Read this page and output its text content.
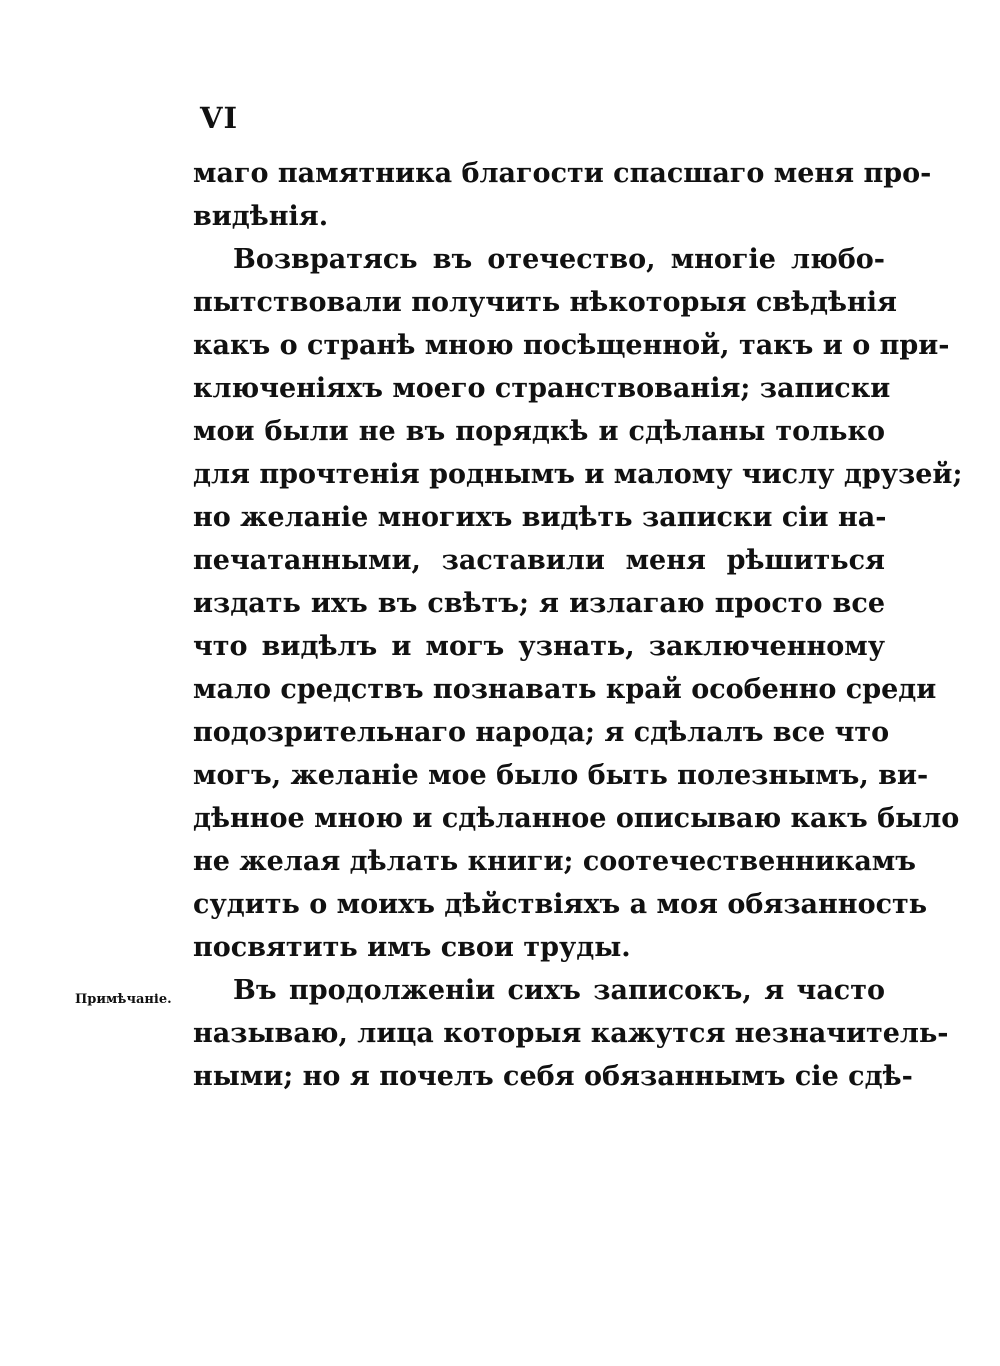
VI
Примѣчаніе.
маго памятника благости спасшаго меня про-
видѣнія.
Возвратясь въ отечество, многіе любо-
пытствовали получить нѣкоторыя свѣдѣнія
какъ о странѣ мною посѣщенной, такъ и о при-
ключеніяхъ моего странствованія; записки
мои были не въ порядкѣ и сдѣланы только
для прочтенія роднымъ и малому числу друзей;
но желаніе многихъ видѣть записки сіи на-
печатанными, заставили меня рѣшиться
издать ихъ въ свѣтъ; я излагаю просто все
что видѣлъ и могъ узнать, заключенному
мало средствъ познавать край особенно среди
подозрительнаго народа; я сдѣлалъ все что
могъ, желаніе мое было быть полезнымъ, ви-
дѣнное мною и сдѣланное описываю какъ было
не желая дѣлать книги; соотечественникамъ
судить о моихъ дѣйствіяхъ а моя обязанность
посвятить имъ свои труды.
Въ продолженіи сихъ записокъ, я часто
называю, лица которыя кажутся незначитель-
ными; но я почелъ себя обязаннымъ сіе сдѣ-
